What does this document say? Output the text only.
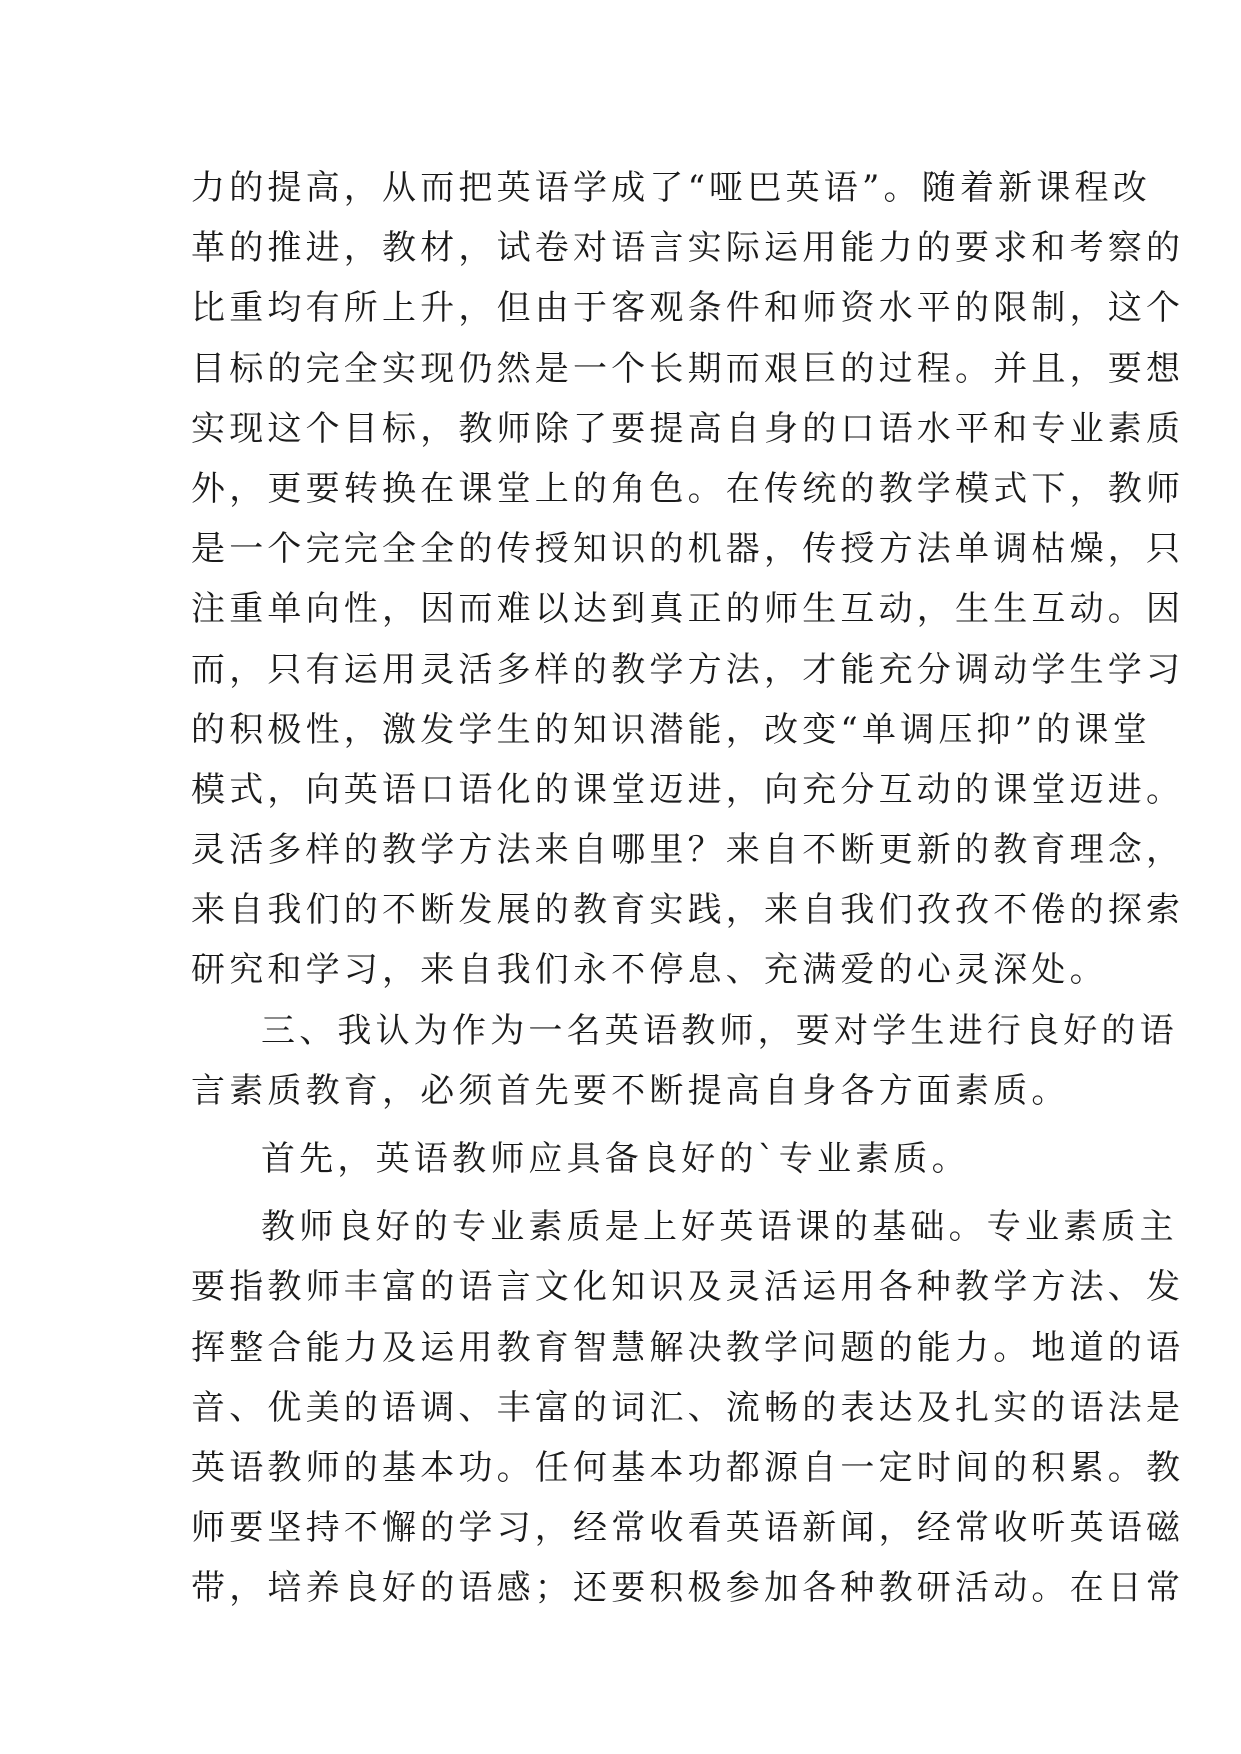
力的提高，从而把英语学成了“哑巴英语”。随着新课程改
革的推进，教材，试卷对语言实际运用能力的要求和考察的
比重均有所上升，但由于客观条件和师资水平的限制，这个
目标的完全实现仍然是一个长期而艰巨的过程。并且，要想
实现这个目标，教师除了要提高自身的口语水平和专业素质
外，更要转换在课堂上的角色。在传统的教学模式下，教师
是一个完完全全的传授知识的机器，传授方法单调枯燥，只
注重单向性，因而难以达到真正的师生互动，生生互动。因
而，只有运用灵活多样的教学方法，才能充分调动学生学习
的积极性，激发学生的知识潜能，改变“单调压抑”的课堂
模式，向英语口语化的课堂迈进，向充分互动的课堂迈进。
灵活多样的教学方法来自哪里？来自不断更新的教育理念，
来自我们的不断发展的教育实践，来自我们孜孜不倦的探索
研究和学习，来自我们永不停息、充满爱的心灵深处。
三、我认为作为一名英语教师，要对学生进行良好的语
言素质教育，必须首先要不断提高自身各方面素质。
首先，英语教师应具备良好的`专业素质。
教师良好的专业素质是上好英语课的基础。专业素质主
要指教师丰富的语言文化知识及灵活运用各种教学方法、发
挥整合能力及运用教育智慧解决教学问题的能力。地道的语
音、优美的语调、丰富的词汇、流畅的表达及扎实的语法是
英语教师的基本功。任何基本功都源自一定时间的积累。教
师要坚持不懈的学习，经常收看英语新闻，经常收听英语磁
带，培养良好的语感；还要积极参加各种教研活动。在日常
